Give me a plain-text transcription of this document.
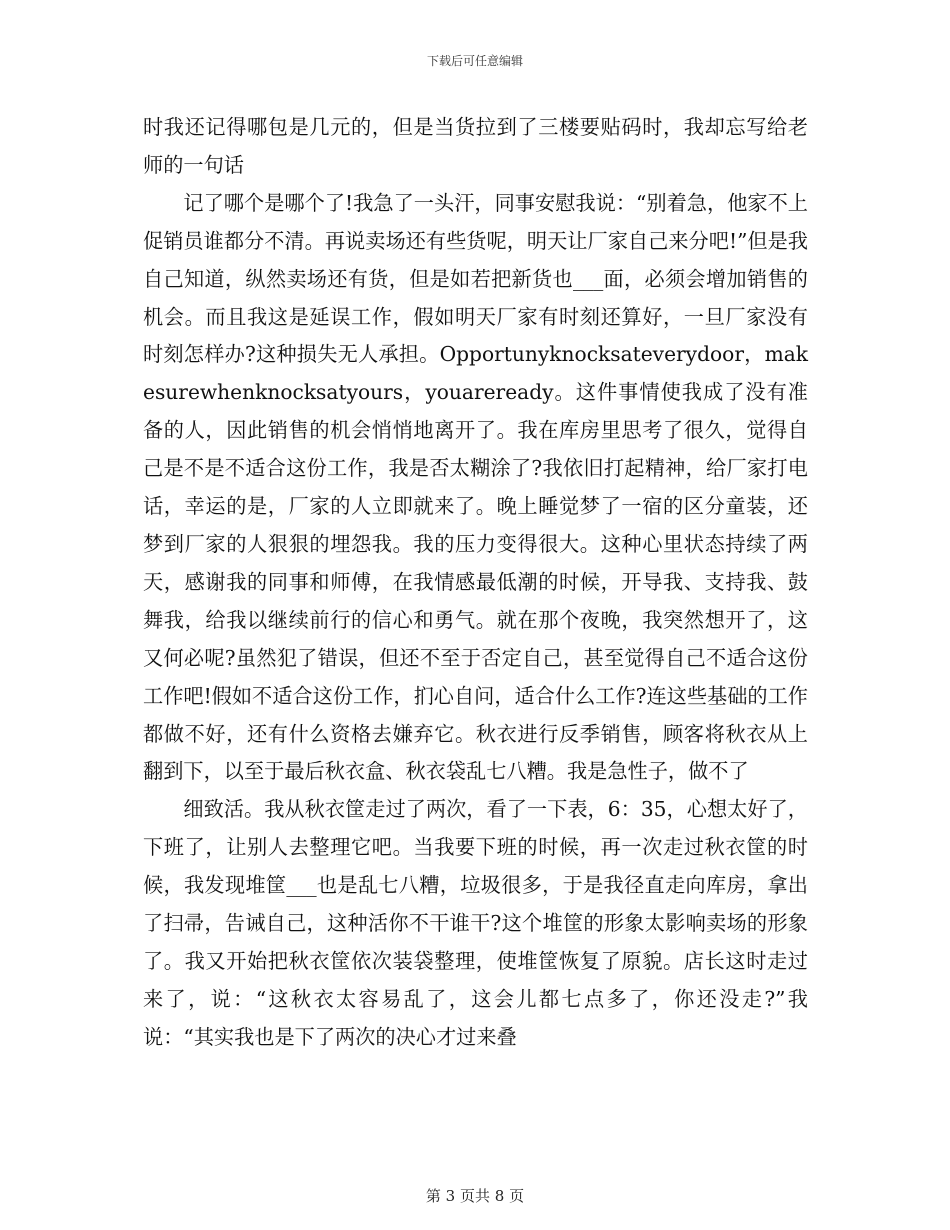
下载后可任意编辑

时我还记得哪包是几元的，但是当货拉到了三楼要贴码时，我却忘写给老师的一句话

记了哪个是哪个了!我急了一头汗，同事安慰我说：“别着急，他家不上促销员谁都分不清。再说卖场还有些货呢，明天让厂家自己来分吧!”但是我自己知道，纵然卖场还有货，但是如若把新货也___面，必须会增加销售的机会。而且我这是延误工作，假如明天厂家有时刻还算好，一旦厂家没有时刻怎样办?这种损失无人承担。Opportunyknocksateverydoor，makesurewhenknocksatyours，youareready。这件事情使我成了没有准备的人，因此销售的机会悄悄地离开了。我在库房里思考了很久，觉得自己是不是不适合这份工作，我是否太糊涂了?我依旧打起精神，给厂家打电话，幸运的是，厂家的人立即就来了。晚上睡觉梦了一宿的区分童装，还梦到厂家的人狠狠的埋怨我。我的压力变得很大。这种心里状态持续了两天，感谢我的同事和师傅，在我情感最低潮的时候，开导我、支持我、鼓舞我，给我以继续前行的信心和勇气。就在那个夜晚，我突然想开了，这又何必呢?虽然犯了错误，但还不至于否定自己，甚至觉得自己不适合这份工作吧!假如不适合这份工作，扪心自问，适合什么工作?连这些基础的工作都做不好，还有什么资格去嫌弃它。秋衣进行反季销售，顾客将秋衣从上翻到下，以至于最后秋衣盒、秋衣袋乱七八糟。我是急性子，做不了

细致活。我从秋衣筐走过了两次，看了一下表，6：35，心想太好了，下班了，让别人去整理它吧。当我要下班的时候，再一次走过秋衣筐的时候，我发现堆筐___也是乱七八糟，垃圾很多，于是我径直走向库房，拿出了扫帚，告诫自己，这种活你不干谁干?这个堆筐的形象太影响卖场的形象了。我又开始把秋衣筐依次装袋整理，使堆筐恢复了原貌。店长这时走过来了，说：“这秋衣太容易乱了，这会儿都七点多了，你还没走?”我说：“其实我也是下了两次的决心才过来叠

第 3 页共 8 页
